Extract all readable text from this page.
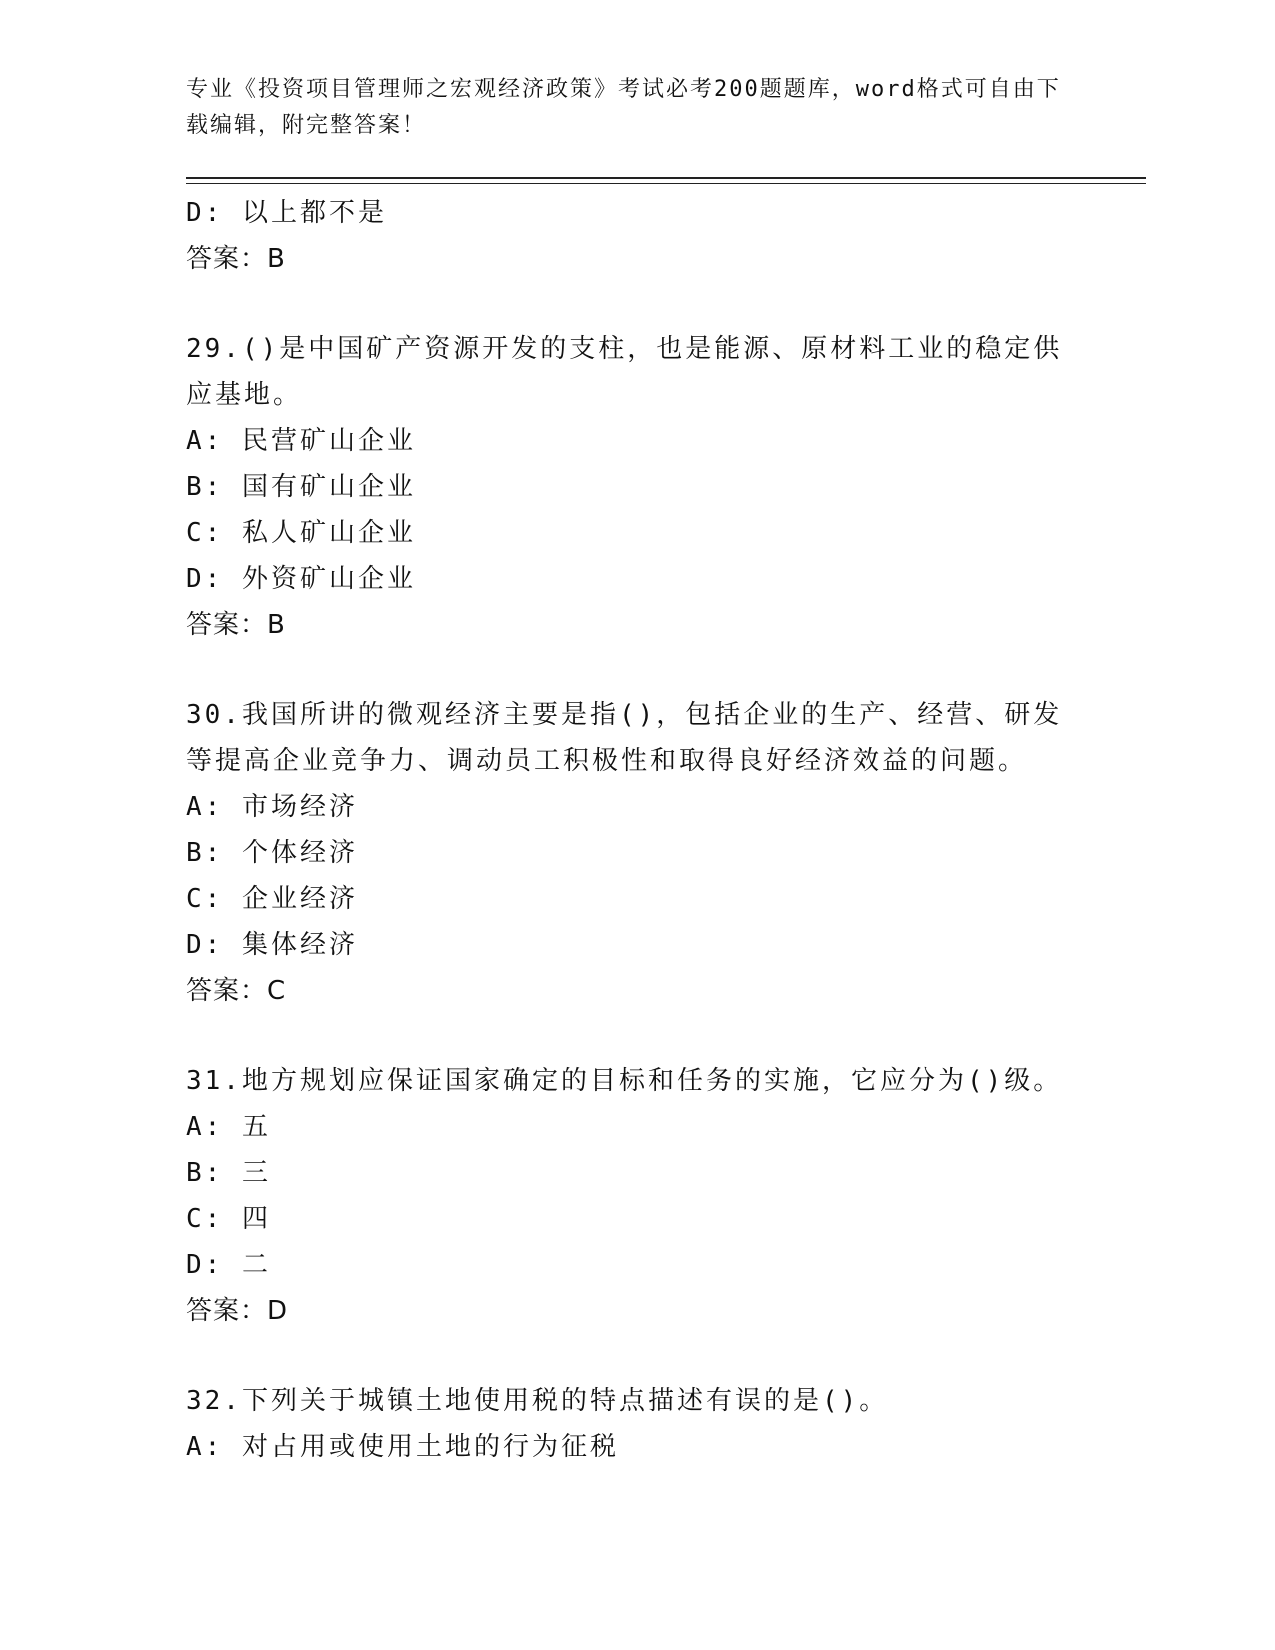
专业《投资项目管理师之宏观经济政策》考试必考200题题库，word格式可自由下载编辑，附完整答案！
D: 以上都不是
答案：B
29.()是中国矿产资源开发的支柱，也是能源、原材料工业的稳定供应基地。
A: 民营矿山企业
B: 国有矿山企业
C: 私人矿山企业
D: 外资矿山企业
答案：B
30.我国所讲的微观经济主要是指()，包括企业的生产、经营、研发等提高企业竞争力、调动员工积极性和取得良好经济效益的问题。
A: 市场经济
B: 个体经济
C: 企业经济
D: 集体经济
答案：C
31.地方规划应保证国家确定的目标和任务的实施，它应分为()级。
A: 五
B: 三
C: 四
D: 二
答案：D
32.下列关于城镇土地使用税的特点描述有误的是()。
A: 对占用或使用土地的行为征税
